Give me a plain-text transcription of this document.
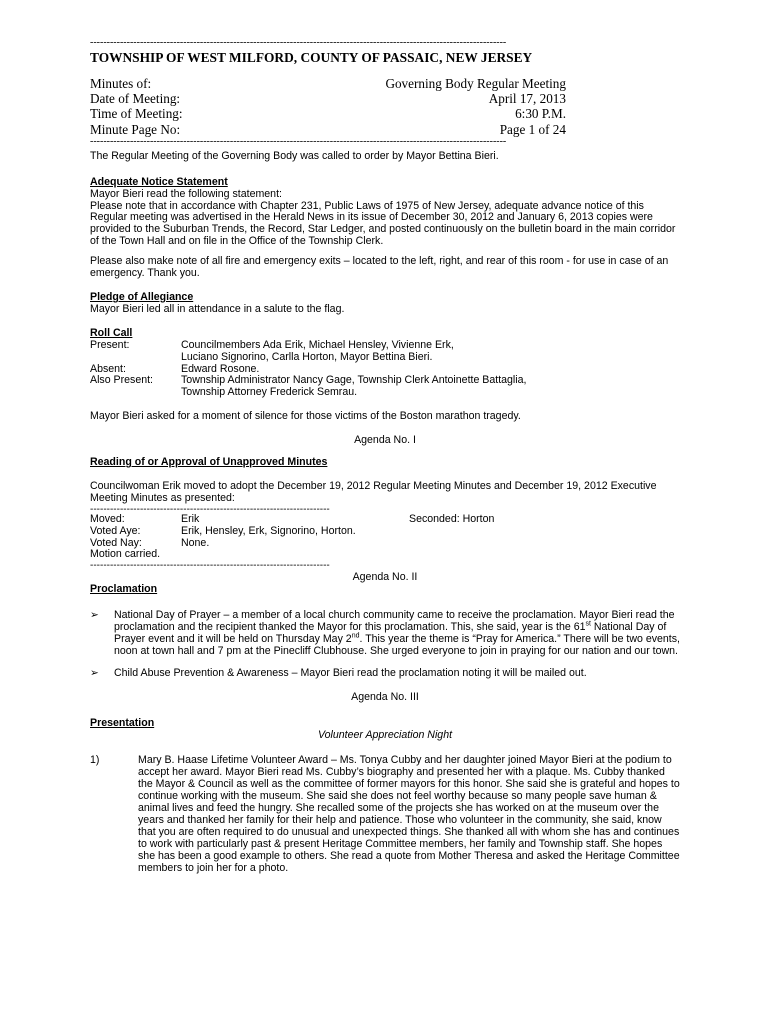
-----------------------------------------------------------------------------------------------------------------------------
TOWNSHIP OF WEST MILFORD, COUNTY OF PASSAIC, NEW JERSEY
Minutes of:	Governing Body Regular Meeting
Date of Meeting:	April 17, 2013
Time of Meeting:	6:30 P.M.
Minute Page No:	Page 1 of 24
-----------------------------------------------------------------------------------------------------------------------------

The Regular Meeting of the Governing Body was called to order by Mayor Bettina Bieri.

Adequate Notice Statement

Mayor Bieri read the following statement:

Please note that in accordance with Chapter 231, Public Laws of 1975 of New Jersey, adequate advance notice of this Regular meeting was advertised in the Herald News in its issue of December 30, 2012 and January 6, 2013 copies were provided to the Suburban Trends, the Record, Star Ledger, and posted continuously on the bulletin board in the main corridor of the Town Hall and on file in the Office of the Township Clerk.

Please also make note of all fire and emergency exits – located to the left, right, and rear of this room - for use in case of an emergency. Thank you.

Pledge of Allegiance

Mayor Bieri led all in attendance in a salute to the flag.

Roll Call
Present:	Councilmembers Ada Erik, Michael Hensley, Vivienne Erk,
Luciano Signorino, Carlla Horton, Mayor Bettina Bieri.
Absent:	Edward Rosone.
Also Present:	Township Administrator Nancy Gage, Township Clerk Antoinette Battaglia,
Township Attorney Frederick Semrau.

Mayor Bieri asked for a moment of silence for those victims of the Boston marathon tragedy.

Agenda No. I
Reading of or Approval of Unapproved Minutes

Councilwoman Erik moved to adopt the December 19, 2012 Regular Meeting Minutes and December 19, 2012 Executive Meeting Minutes as presented:

------------------------------------------------------------------------
Moved:	Erik	Seconded: Horton
Voted Aye:	Erik, Hensley, Erk, Signorino, Horton.
Voted Nay:	None.
Motion carried.
------------------------------------------------------------------------
Agenda No. II
Proclamation
➢	National Day of Prayer – a member of a local church community came to receive the proclamation. Mayor Bieri read the proclamation and the recipient thanked the Mayor for this proclamation. This, she said, year is the 61st National Day of Prayer event and it will be held on Thursday May 2nd. This year the theme is “Pray for America.” There will be two events, noon at town hall and 7 pm at the Pinecliff Clubhouse. She urged everyone to join in praying for our nation and our town.
➢	Child Abuse Prevention & Awareness – Mayor Bieri read the proclamation noting it will be mailed out.
Agenda No. III
Presentation
Volunteer Appreciation Night
1)	Mary B. Haase Lifetime Volunteer Award – Ms. Tonya Cubby and her daughter joined Mayor Bieri at the podium to accept her award. Mayor Bieri read Ms. Cubby’s biography and presented her with a plaque. Ms. Cubby thanked the Mayor & Council as well as the committee of former mayors for this honor. She said she is grateful and hopes to continue working with the museum. She said she does not feel worthy because so many people save human & animal lives and feed the hungry. She recalled some of the projects she has worked on at the museum over the years and thanked her family for their help and patience. Those who volunteer in the community, she said, know that you are often required to do unusual and unexpected things. She thanked all with whom she has and continues to work with particularly past & present Heritage Committee members, her family and Township staff. She hopes she has been a good example to others. She read a quote from Mother Theresa and asked the Heritage Committee members to join her for a photo.
